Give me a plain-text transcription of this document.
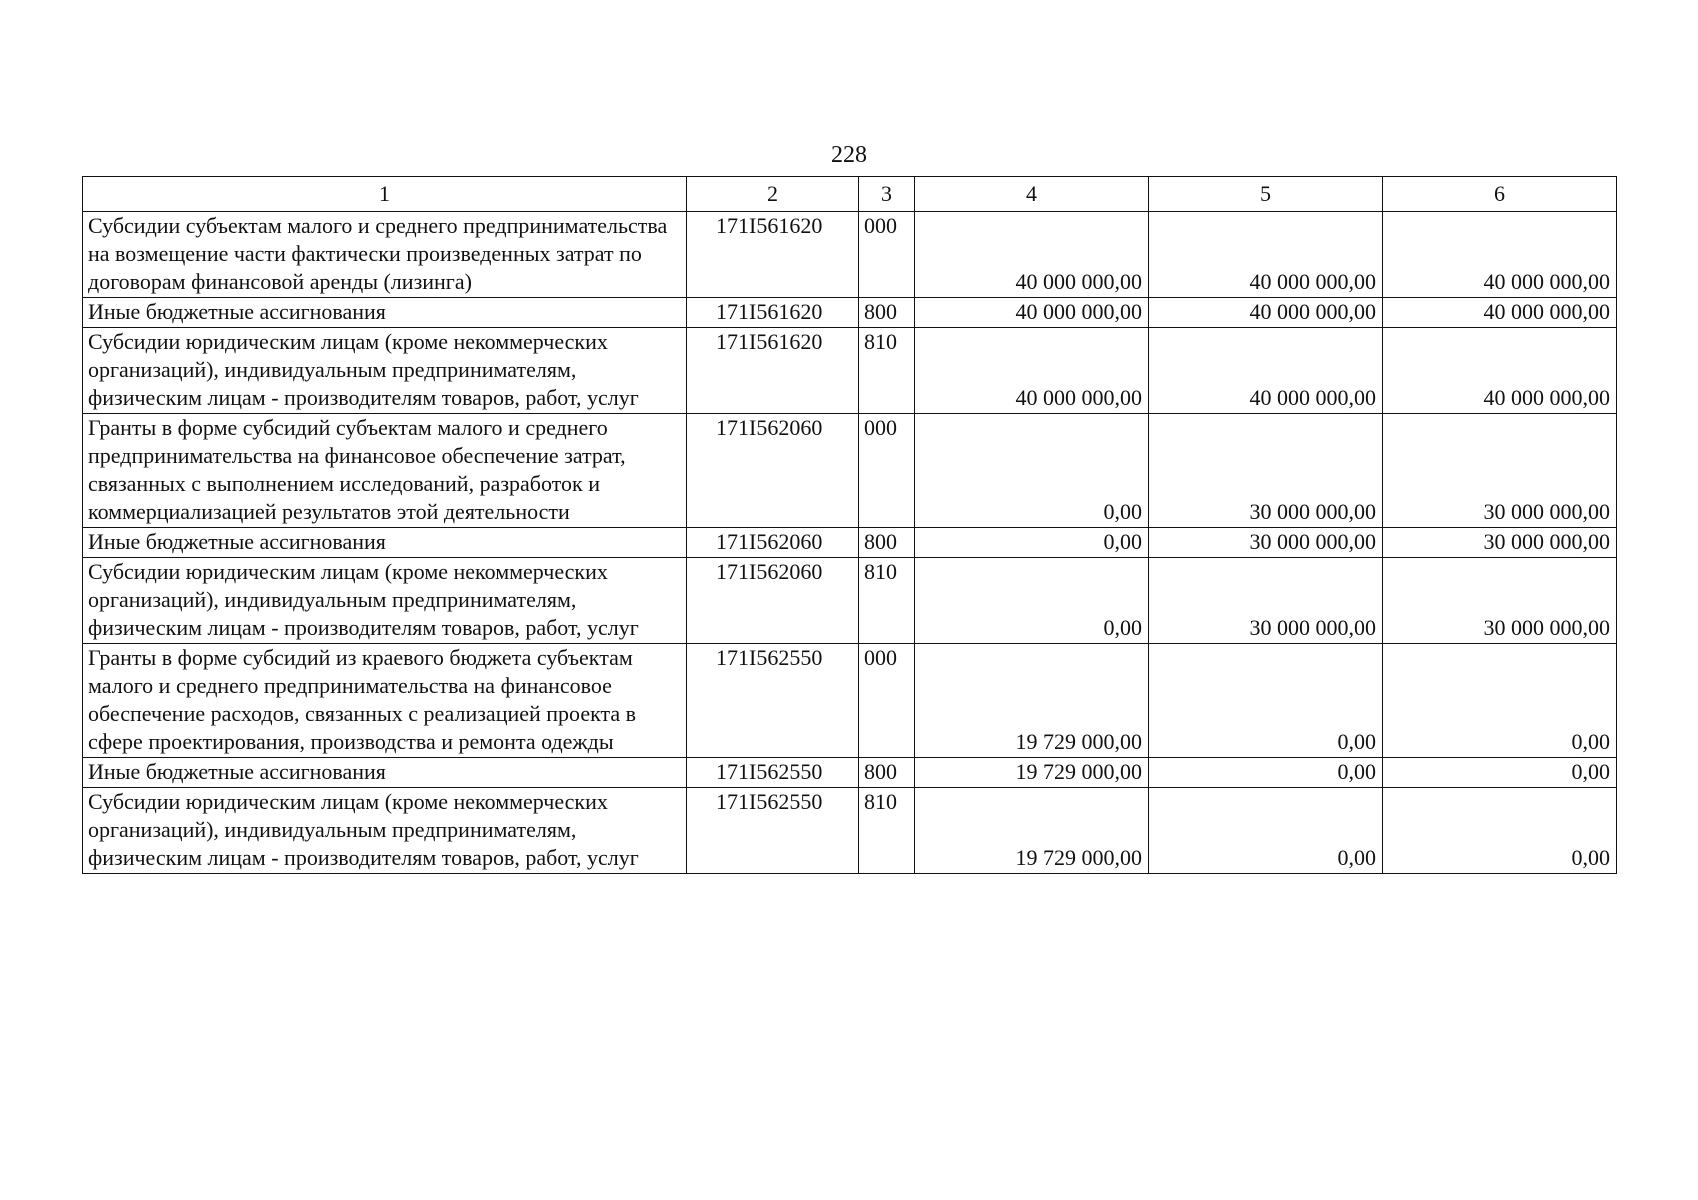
228
1	2	3	4	5	6
Субсидии субъектам малого и среднего предпринимательства на возмещение части фактически произведенных затрат по договорам финансовой аренды (лизинга)	171I561620	000	40 000 000,00	40 000 000,00	40 000 000,00
Иные бюджетные ассигнования	171I561620	800	40 000 000,00	40 000 000,00	40 000 000,00
Субсидии юридическим лицам (кроме некоммерческих организаций), индивидуальным предпринимателям, физическим лицам - производителям товаров, работ, услуг	171I561620	810	40 000 000,00	40 000 000,00	40 000 000,00
Гранты в форме субсидий субъектам малого и среднего предпринимательства на финансовое обеспечение затрат, связанных с выполнением исследований, разработок и коммерциализацией результатов этой деятельности	171I562060	000	0,00	30 000 000,00	30 000 000,00
Иные бюджетные ассигнования	171I562060	800	0,00	30 000 000,00	30 000 000,00
Субсидии юридическим лицам (кроме некоммерческих организаций), индивидуальным предпринимателям, физическим лицам - производителям товаров, работ, услуг	171I562060	810	0,00	30 000 000,00	30 000 000,00
Гранты в форме субсидий из краевого бюджета субъектам малого и среднего предпринимательства на финансовое обеспечение расходов, связанных с реализацией проекта в сфере проектирования, производства и ремонта одежды	171I562550	000	19 729 000,00	0,00	0,00
Иные бюджетные ассигнования	171I562550	800	19 729 000,00	0,00	0,00
Субсидии юридическим лицам (кроме некоммерческих организаций), индивидуальным предпринимателям, физическим лицам - производителям товаров, работ, услуг	171I562550	810	19 729 000,00	0,00	0,00
